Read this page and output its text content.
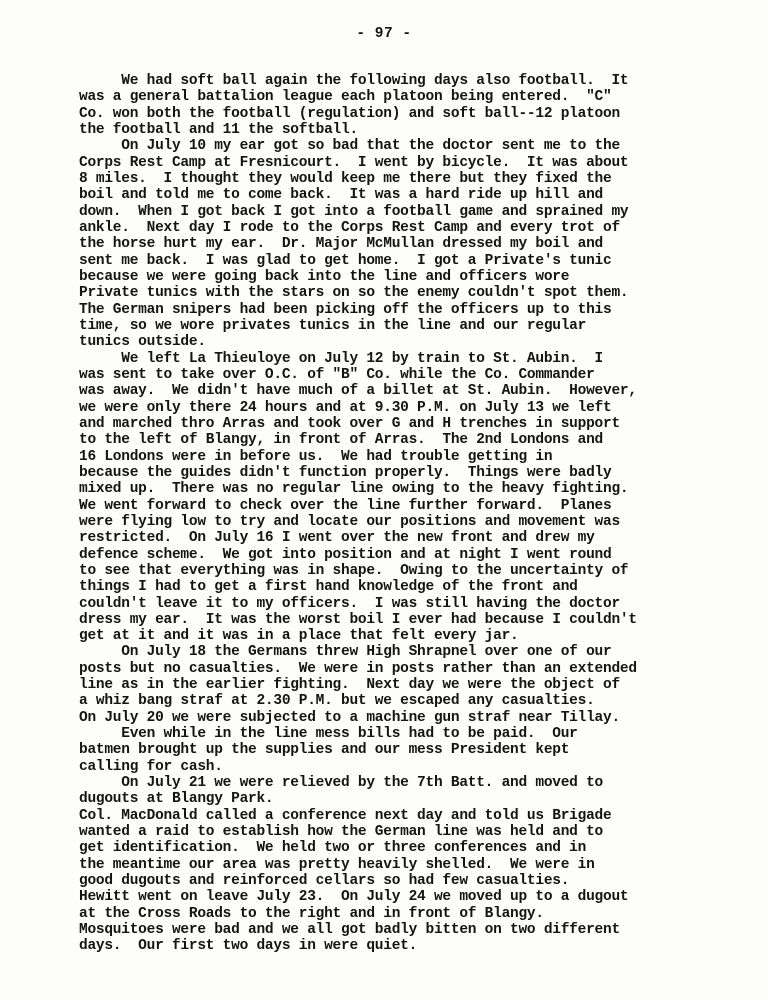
- 97 -
We had soft ball again the following days also football.  It
was a general battalion league each platoon being entered.  "C"
Co. won both the football (regulation) and soft ball--12 platoon
the football and 11 the softball.
On July 10 my ear got so bad that the doctor sent me to the
Corps Rest Camp at Fresnicourt.  I went by bicycle.  It was about
8 miles.  I thought they would keep me there but they fixed the
boil and told me to come back.  It was a hard ride up hill and
down.  When I got back I got into a football game and sprained my
ankle.  Next day I rode to the Corps Rest Camp and every trot of
the horse hurt my ear.  Dr. Major McMullan dressed my boil and
sent me back.  I was glad to get home.  I got a Private's tunic
because we were going back into the line and officers wore
Private tunics with the stars on so the enemy couldn't spot them.
The German snipers had been picking off the officers up to this
time, so we wore privates tunics in the line and our regular
tunics outside.
We left La Thieuloye on July 12 by train to St. Aubin.  I
was sent to take over O.C. of "B" Co. while the Co. Commander
was away.  We didn't have much of a billet at St. Aubin.  However,
we were only there 24 hours and at 9.30 P.M. on July 13 we left
and marched thro Arras and took over G and H trenches in support
to the left of Blangy, in front of Arras.  The 2nd Londons and
16 Londons were in before us.  We had trouble getting in
because the guides didn't function properly.  Things were badly
mixed up.  There was no regular line owing to the heavy fighting.
We went forward to check over the line further forward.  Planes
were flying low to try and locate our positions and movement was
restricted.  On July 16 I went over the new front and drew my
defence scheme.  We got into position and at night I went round
to see that everything was in shape.  Owing to the uncertainty of
things I had to get a first hand knowledge of the front and
couldn't leave it to my officers.  I was still having the doctor
dress my ear.  It was the worst boil I ever had because I couldn't
get at it and it was in a place that felt every jar.
On July 18 the Germans threw High Shrapnel over one of our
posts but no casualties.  We were in posts rather than an extended
line as in the earlier fighting.  Next day we were the object of
a whiz bang straf at 2.30 P.M. but we escaped any casualties.
On July 20 we were subjected to a machine gun straf near Tillay.
Even while in the line mess bills had to be paid.  Our
batmen brought up the supplies and our mess President kept
calling for cash.
On July 21 we were relieved by the 7th Batt. and moved to
dugouts at Blangy Park.
Col. MacDonald called a conference next day and told us Brigade
wanted a raid to establish how the German line was held and to
get identification.  We held two or three conferences and in
the meantime our area was pretty heavily shelled.  We were in
good dugouts and reinforced cellars so had few casualties.
Hewitt went on leave July 23.  On July 24 we moved up to a dugout
at the Cross Roads to the right and in front of Blangy.
Mosquitoes were bad and we all got badly bitten on two different
days.  Our first two days in were quiet.
